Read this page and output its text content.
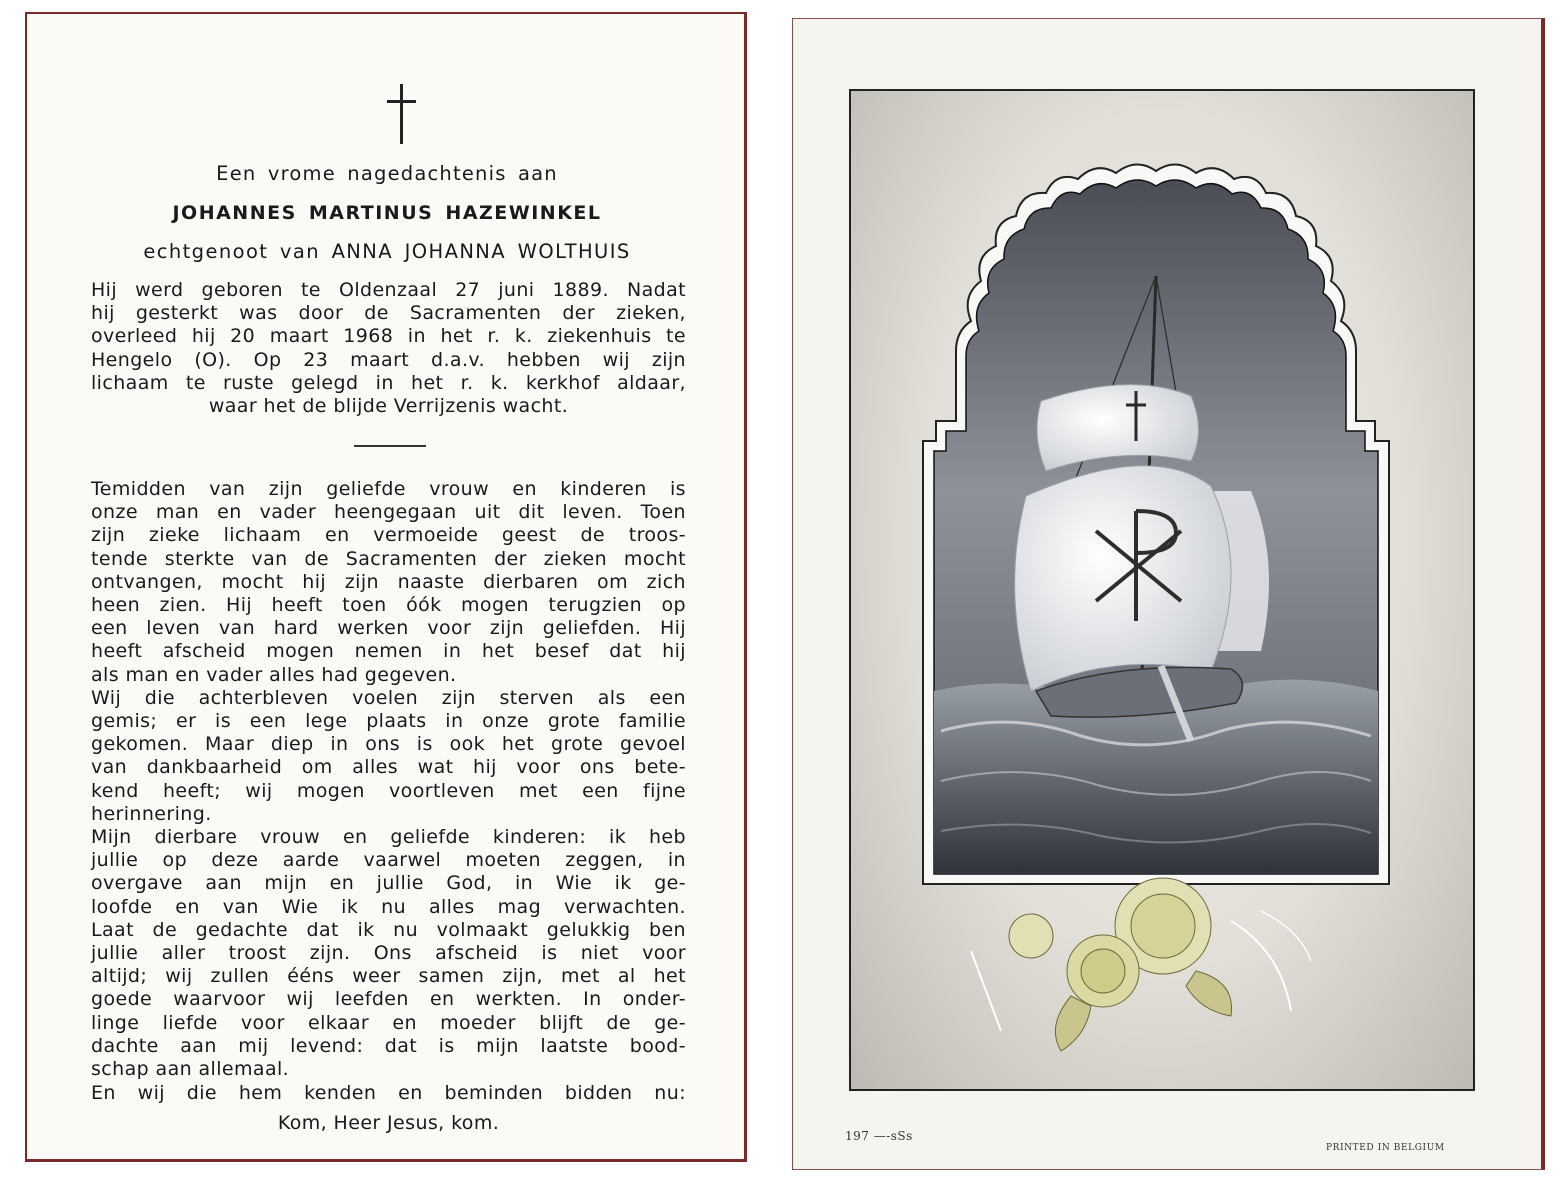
Een vrome nagedachtenis aan
JOHANNES MARTINUS HAZEWINKEL
echtgenoot van ANNA JOHANNA WOLTHUIS
Hij werd geboren te Oldenzaal 27 juni 1889. Nadat
hij gesterkt was door de Sacramenten der zieken,
overleed hij 20 maart 1968 in het r. k. ziekenhuis te
Hengelo (O). Op 23 maart d.a.v. hebben wij zijn
lichaam te ruste gelegd in het r. k. kerkhof aldaar,
waar het de blijde Verrijzenis wacht.
Temidden van zijn geliefde vrouw en kinderen is
onze man en vader heengegaan uit dit leven. Toen
zijn zieke lichaam en vermoeide geest de troos-
tende sterkte van de Sacramenten der zieken mocht
ontvangen, mocht hij zijn naaste dierbaren om zich
heen zien. Hij heeft toen óók mogen terugzien op
een leven van hard werken voor zijn geliefden. Hij
heeft afscheid mogen nemen in het besef dat hij
als man en vader alles had gegeven.
Wij die achterbleven voelen zijn sterven als een
gemis; er is een lege plaats in onze grote familie
gekomen. Maar diep in ons is ook het grote gevoel
van dankbaarheid om alles wat hij voor ons bete-
kend heeft; wij mogen voortleven met een fijne
herinnering.
Mijn dierbare vrouw en geliefde kinderen: ik heb
jullie op deze aarde vaarwel moeten zeggen, in
overgave aan mijn en jullie God, in Wie ik ge-
loofde en van Wie ik nu alles mag verwachten.
Laat de gedachte dat ik nu volmaakt gelukkig ben
jullie aller troost zijn. Ons afscheid is niet voor
altijd; wij zullen ééns weer samen zijn, met al het
goede waarvoor wij leefden en werkten. In onder-
linge liefde voor elkaar en moeder blijft de ge-
dachte aan mij levend: dat is mijn laatste bood-
schap aan allemaal.
En wij die hem kenden en beminden bidden nu:
Kom, Heer Jesus, kom.
197 —-sSs
PRINTED IN BELGIUM
